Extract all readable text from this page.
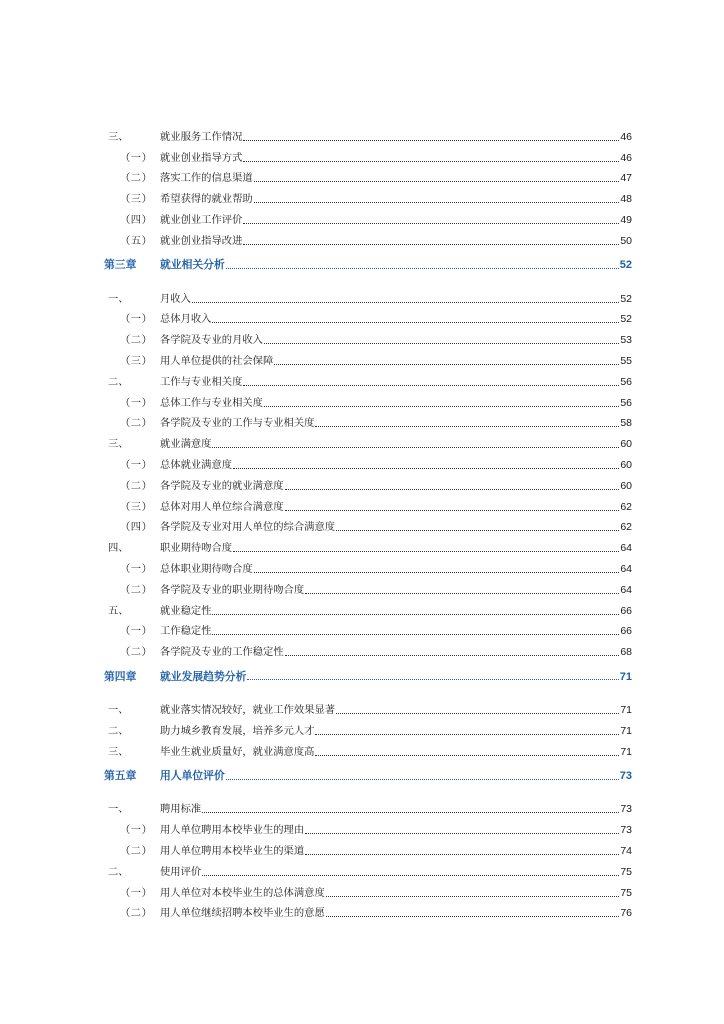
三、	就业服务工作情况	46
（一） 就业创业指导方式	46
（二） 落实工作的信息渠道	47
（三） 希望获得的就业帮助	48
（四） 就业创业工作评价	49
（五） 就业创业指导改进	50
第三章	就业相关分析	52
一、	月收入	52
（一） 总体月收入	52
（二） 各学院及专业的月收入	53
（三） 用人单位提供的社会保障	55
二、	工作与专业相关度	56
（一） 总体工作与专业相关度	56
（二） 各学院及专业的工作与专业相关度	58
三、	就业满意度	60
（一） 总体就业满意度	60
（二） 各学院及专业的就业满意度	60
（三） 总体对用人单位综合满意度	62
（四） 各学院及专业对用人单位的综合满意度	62
四、	职业期待吻合度	64
（一） 总体职业期待吻合度	64
（二） 各学院及专业的职业期待吻合度	64
五、	就业稳定性	66
（一） 工作稳定性	66
（二） 各学院及专业的工作稳定性	68
第四章	就业发展趋势分析	71
一、	就业落实情况较好，就业工作效果显著	71
二、	助力城乡教育发展，培养多元人才	71
三、	毕业生就业质量好，就业满意度高	71
第五章	用人单位评价	73
一、	聘用标准	73
（一） 用人单位聘用本校毕业生的理由	73
（二） 用人单位聘用本校毕业生的渠道	74
二、	使用评价	75
（一） 用人单位对本校毕业生的总体满意度	75
（二） 用人单位继续招聘本校毕业生的意愿	76
